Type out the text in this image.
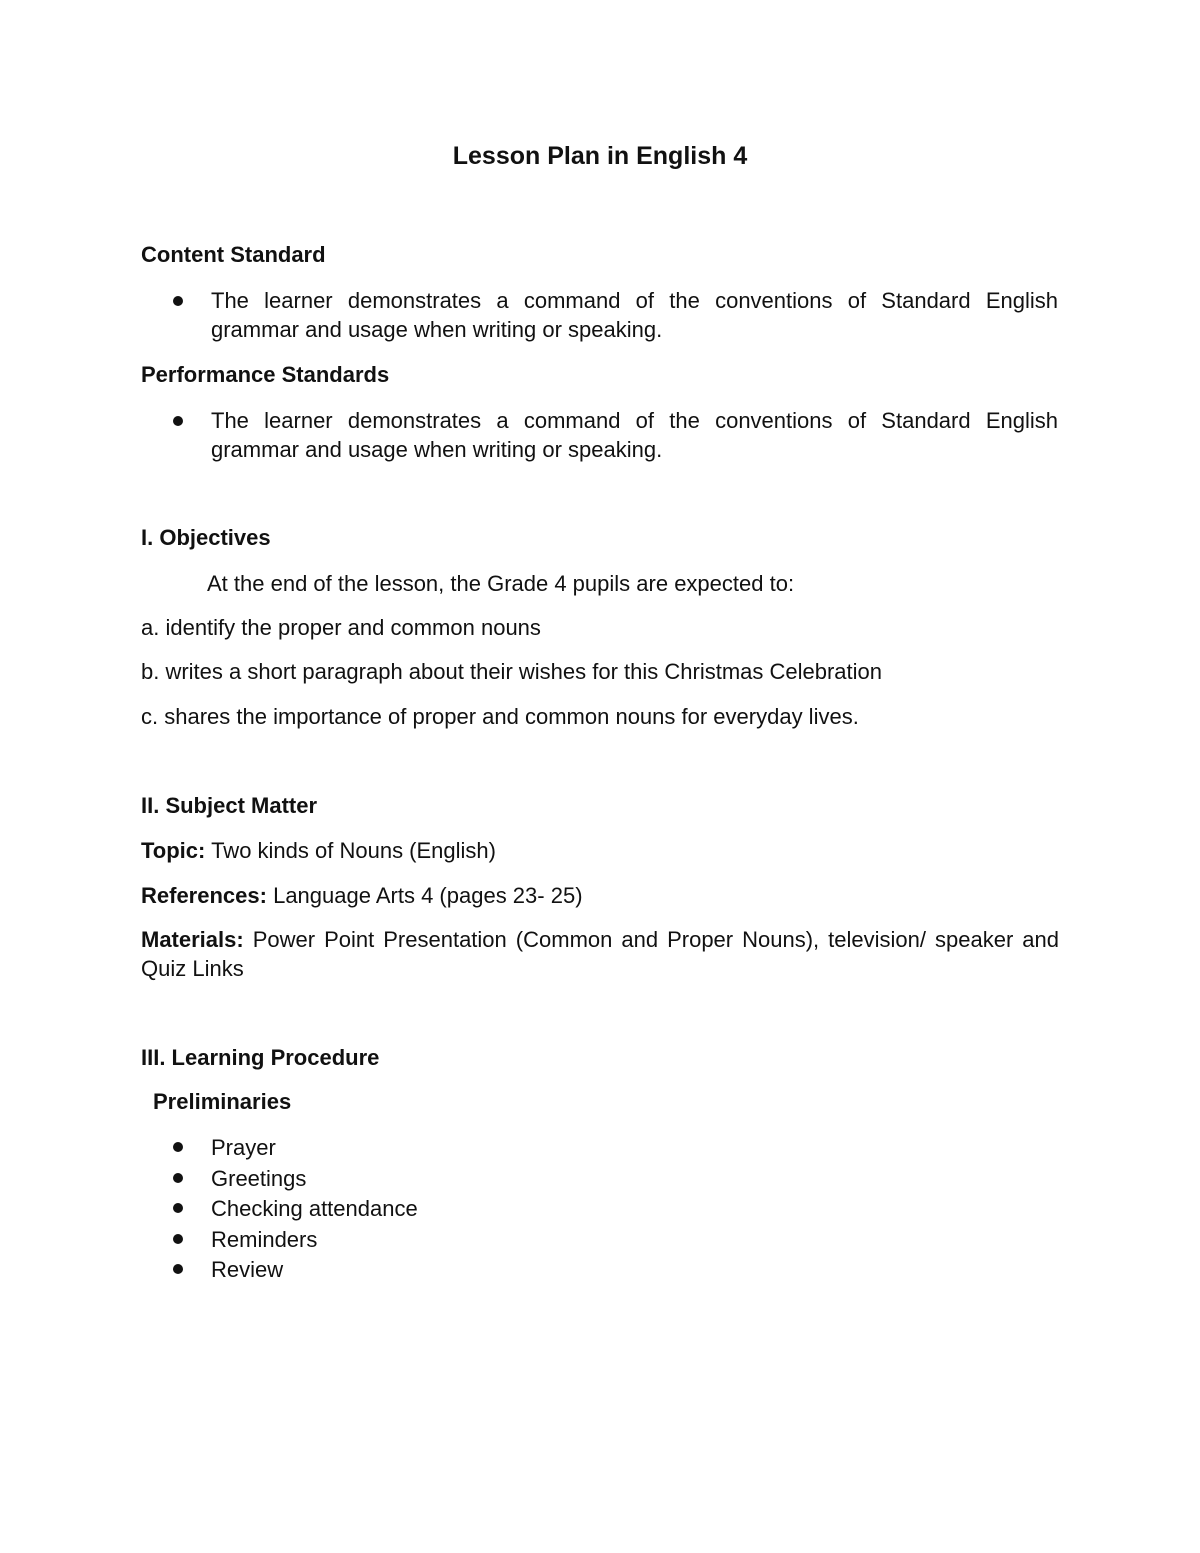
Lesson Plan in English 4

Content Standard

The learner demonstrates a command of the conventions of Standard English grammar and usage when writing or speaking.

Performance Standards

The learner demonstrates a command of the conventions of Standard English grammar and usage when writing or speaking.

I. Objectives

At the end of the lesson, the Grade 4 pupils are expected to:

a. identify the proper and common nouns

b. writes a short paragraph about their wishes for this Christmas Celebration

c. shares the importance of proper and common nouns for everyday lives.

II. Subject Matter

Topic: Two kinds of Nouns (English)

References: Language Arts 4 (pages 23- 25)

Materials: Power Point Presentation (Common and Proper Nouns), television/ speaker and Quiz Links

III. Learning Procedure

Preliminaries

Prayer

Greetings

Checking attendance

Reminders

Review
